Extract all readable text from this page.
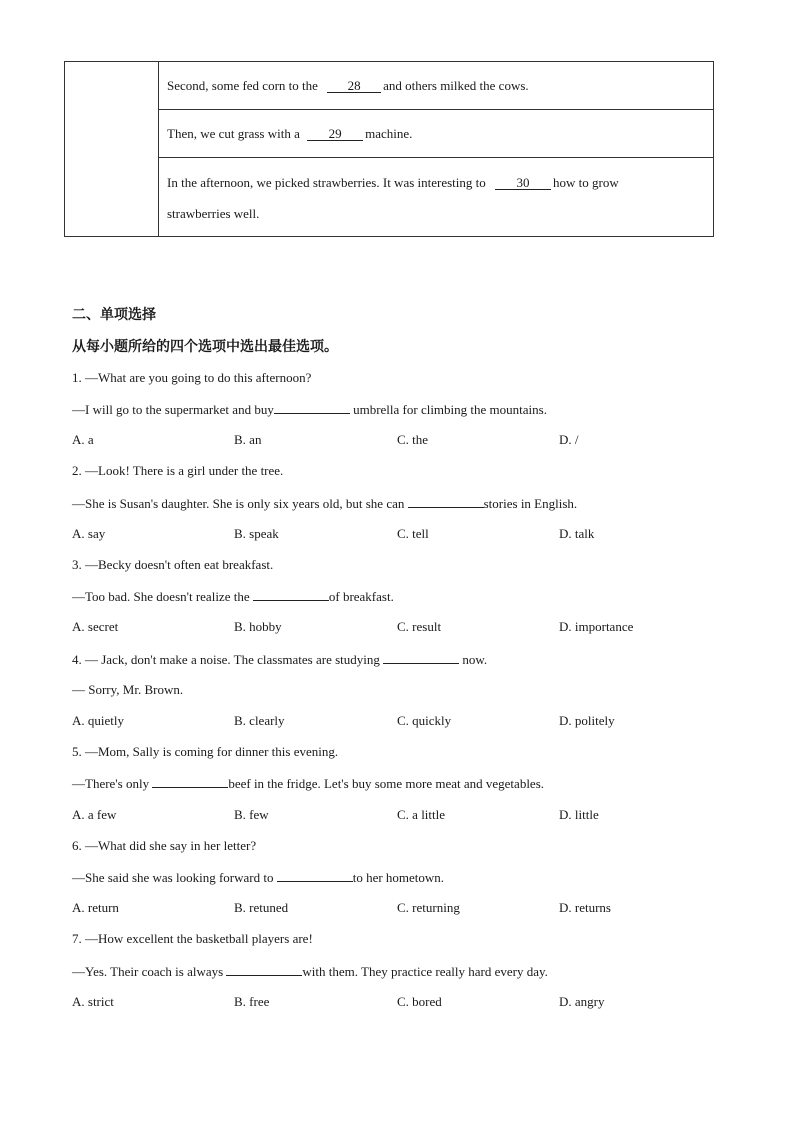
Second, some fed corn to the 28 and others milked the cows.
Then, we cut grass with a 29 machine.
In the afternoon, we picked strawberries. It was interesting to 30 how to grow
strawberries well.
二、单项选择
从每小题所给的四个选项中选出最佳选项。
1. —What are you going to do this afternoon?
—I will go to the supermarket and buy	umbrella for climbing the mountains.
A. a	B. an	C. the	D. /
2. —Look! There is a girl under the tree.
—She is Susan's daughter. She is only six years old, but she can	stories in English.
A. say	B. speak	C. tell	D. talk
3. —Becky doesn't often eat breakfast.
—Too bad. She doesn't realize the	of breakfast.
A. secret	B. hobby	C. result	D. importance
4. — Jack, don't make a noise. The classmates are studying	now.
— Sorry, Mr. Brown.
A. quietly	B. clearly	C. quickly	D. politely
5. —Mom, Sally is coming for dinner this evening.
—There's only	beef in the fridge. Let's buy some more meat and vegetables.
A. a few	B. few	C. a little	D. little
6. —What did she say in her letter?
—She said she was looking forward to	to her hometown.
A. return	B. retuned	C. returning	D. returns
7. —How excellent the basketball players are!
—Yes. Their coach is always	with them. They practice really hard every day.
A. strict	B. free	C. bored	D. angry
